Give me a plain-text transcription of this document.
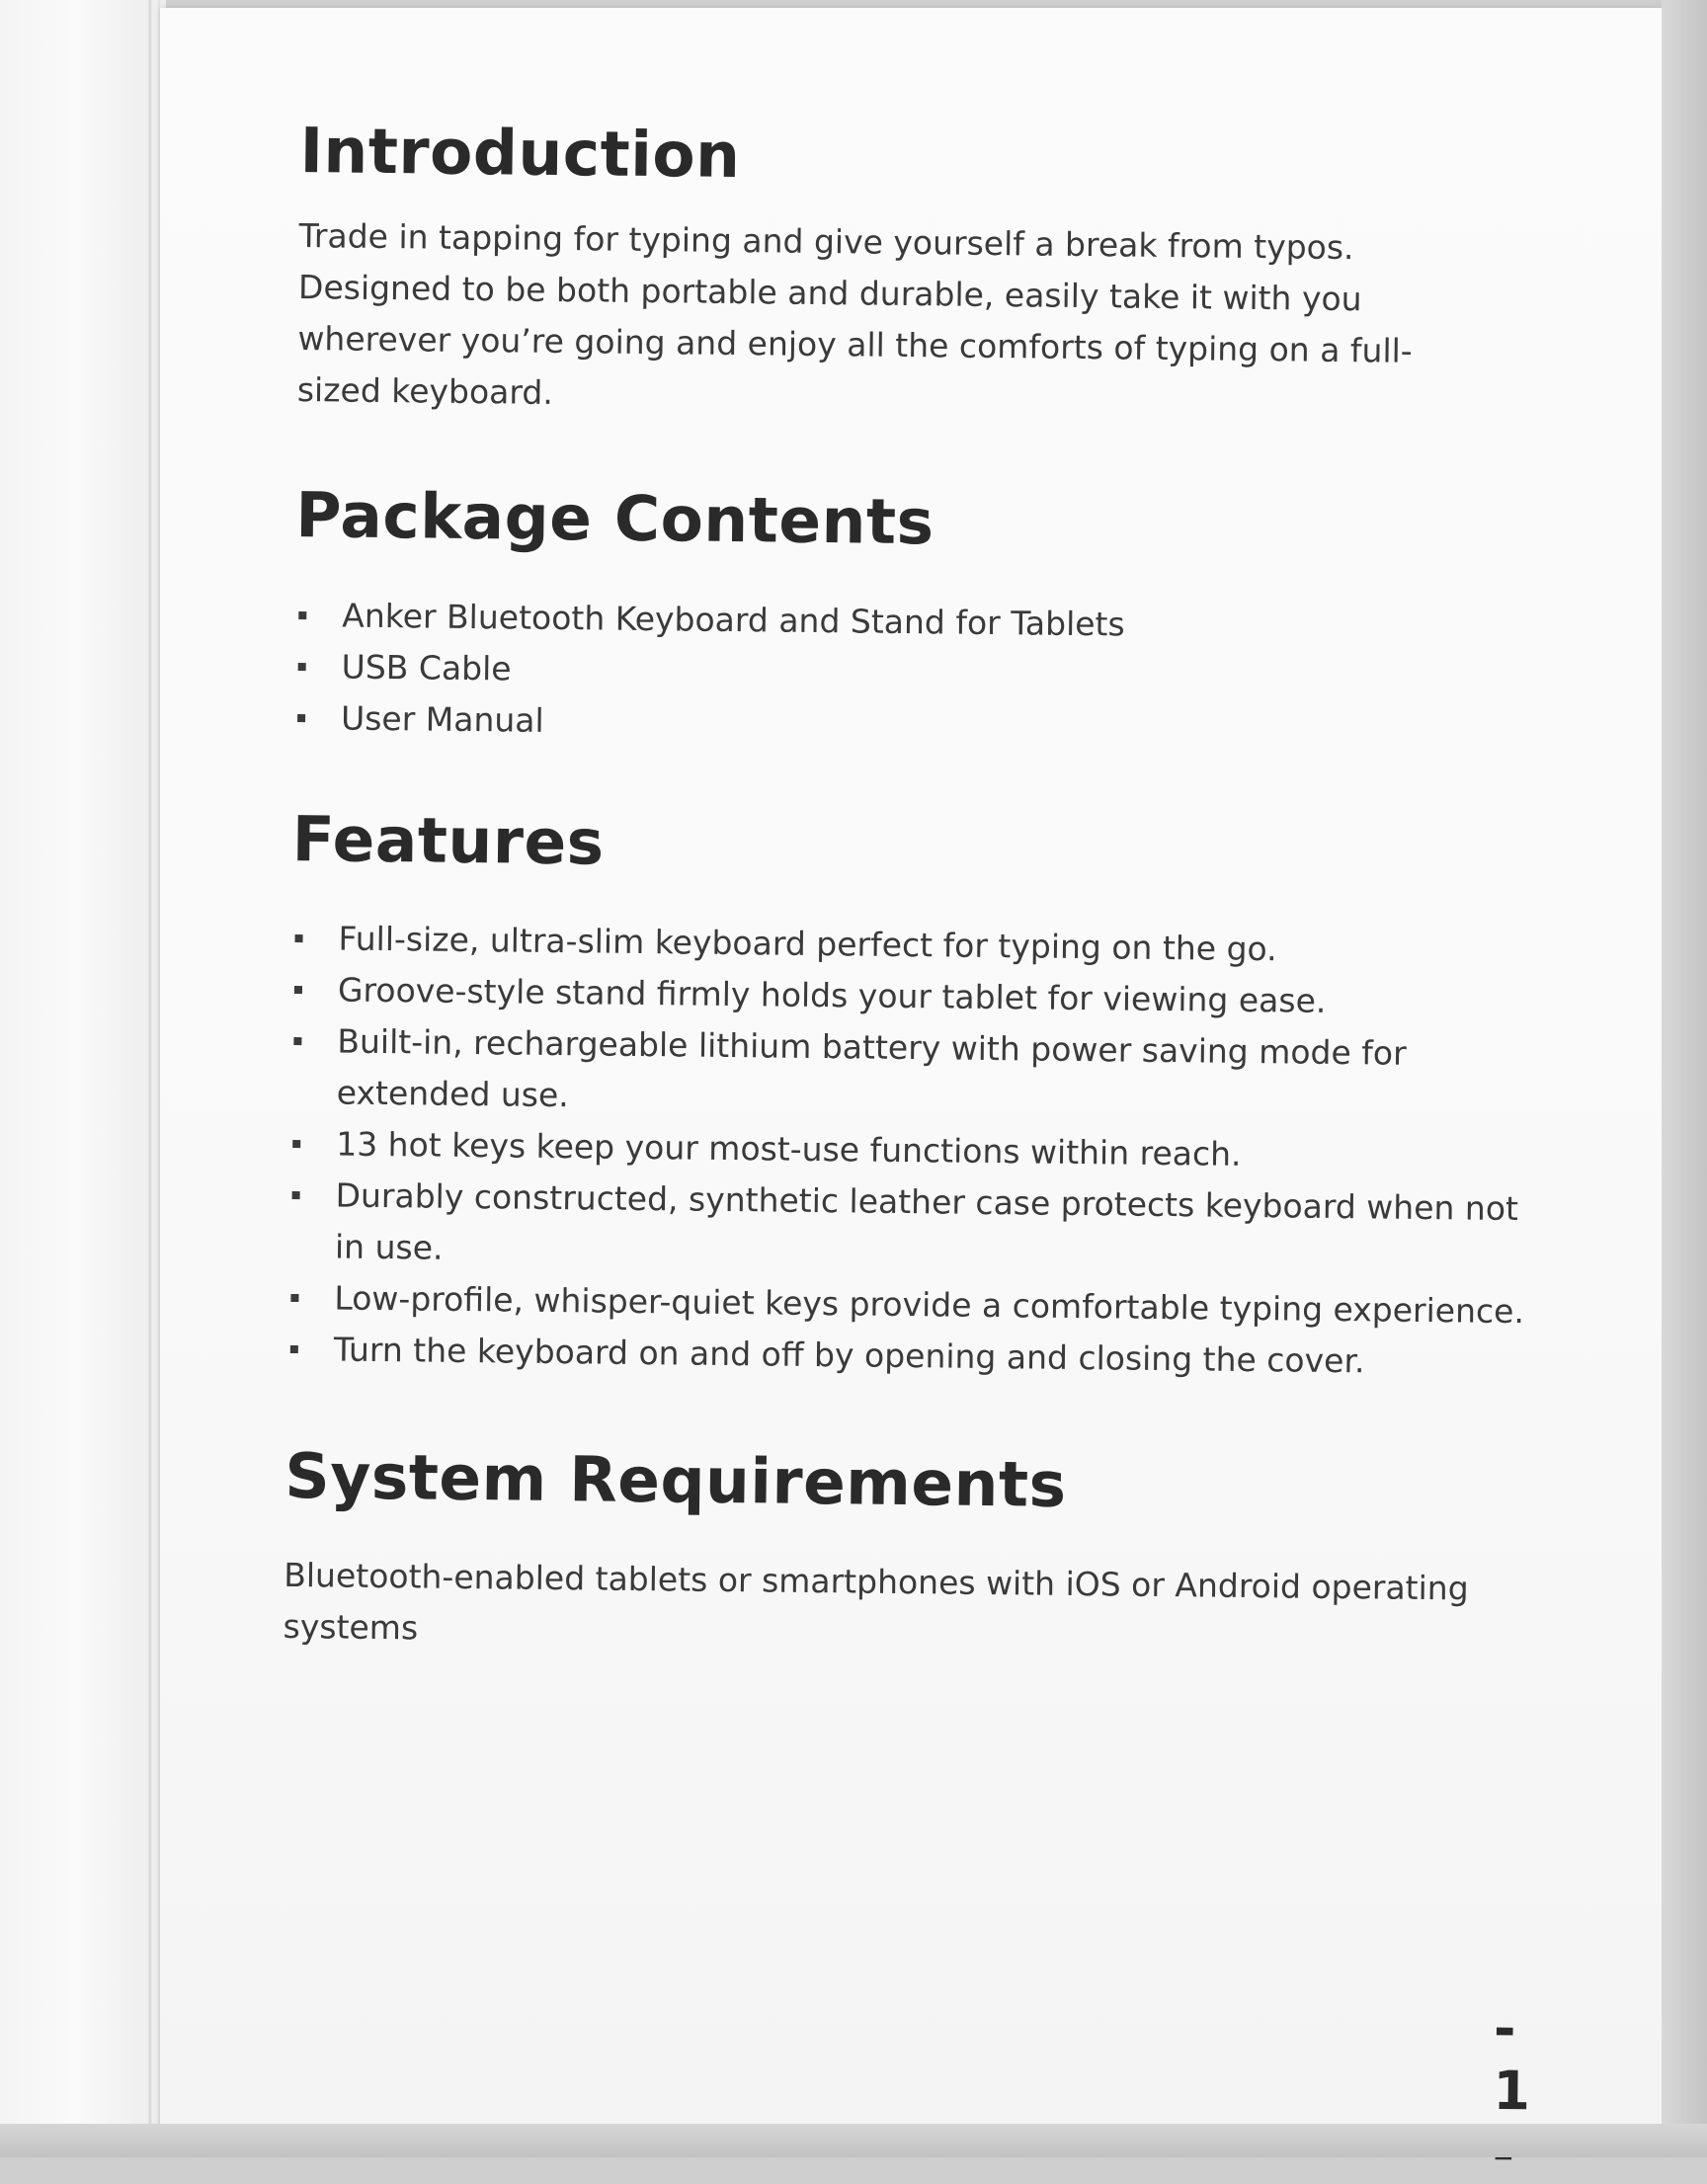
Introduction

Trade in tapping for typing and give yourself a break from typos. Designed to be both portable and durable, easily take it with you wherever you’re going and enjoy all the comforts of typing on a full-sized keyboard.

Package Contents
Anker Bluetooth Keyboard and Stand for Tablets
USB Cable
User Manual
Features
Full-size, ultra-slim keyboard perfect for typing on the go.
Groove-style stand firmly holds your tablet for viewing ease.
Built-in, rechargeable lithium battery with power saving mode for extended use.
13 hot keys keep your most-use functions within reach.
Durably constructed, synthetic leather case protects keyboard when not in use.
Low-profile, whisper-quiet keys provide a comfortable typing experience.
Turn the keyboard on and off by opening and closing the cover.
System Requirements

Bluetooth-enabled tablets or smartphones with iOS or Android operating systems

- 1
